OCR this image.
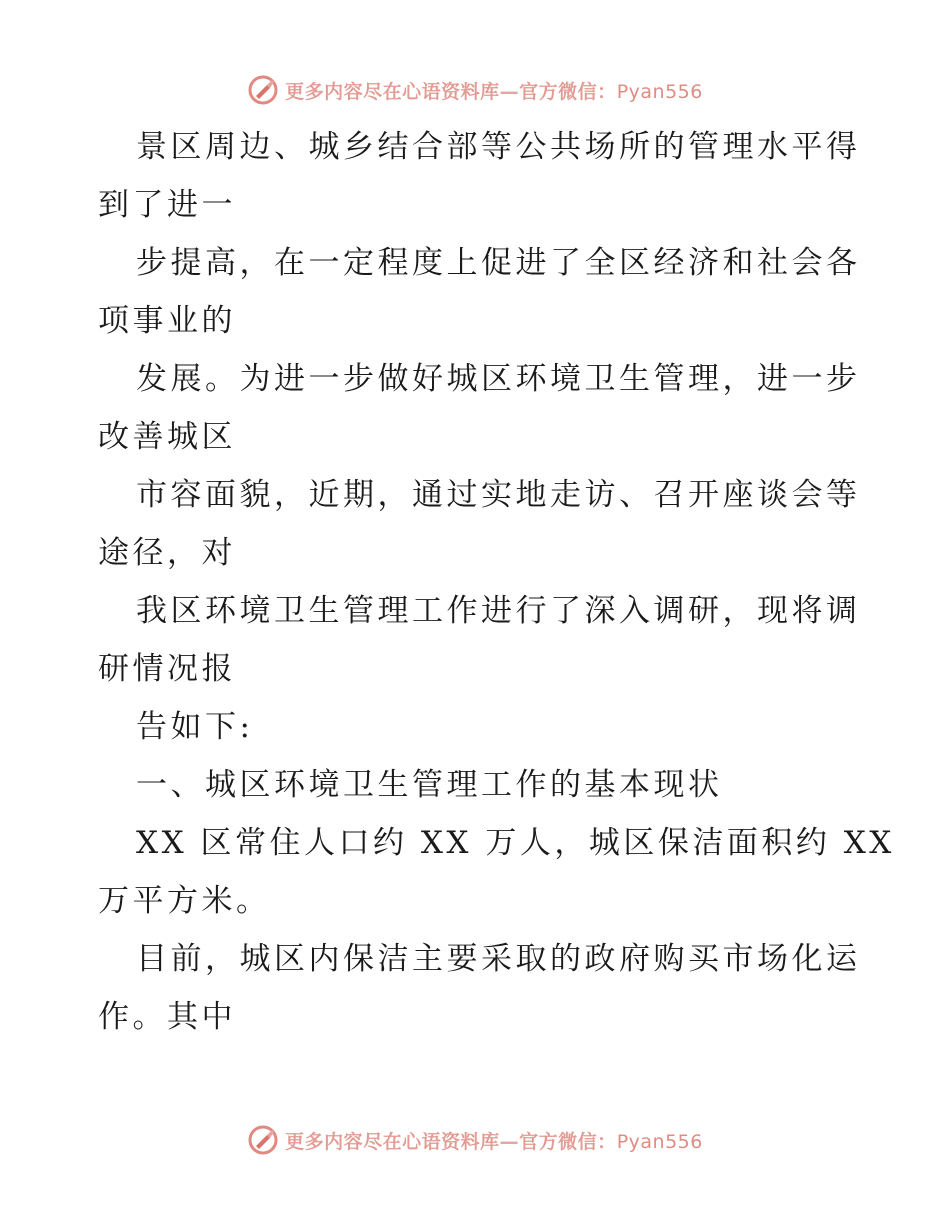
更多内容尽在心语资料库—官方微信：Pyan556
景区周边、城乡结合部等公共场所的管理水平得
到了进一
步提高，在一定程度上促进了全区经济和社会各
项事业的
发展。为进一步做好城区环境卫生管理，进一步
改善城区
市容面貌，近期，通过实地走访、召开座谈会等
途径，对
我区环境卫生管理工作进行了深入调研，现将调
研情况报
告如下:
一、城区环境卫生管理工作的基本现状
XX 区常住人口约 XX 万人，城区保洁面积约 XX
万平方米。
目前，城区内保洁主要采取的政府购买市场化运
作。其中
更多内容尽在心语资料库—官方微信：Pyan556
